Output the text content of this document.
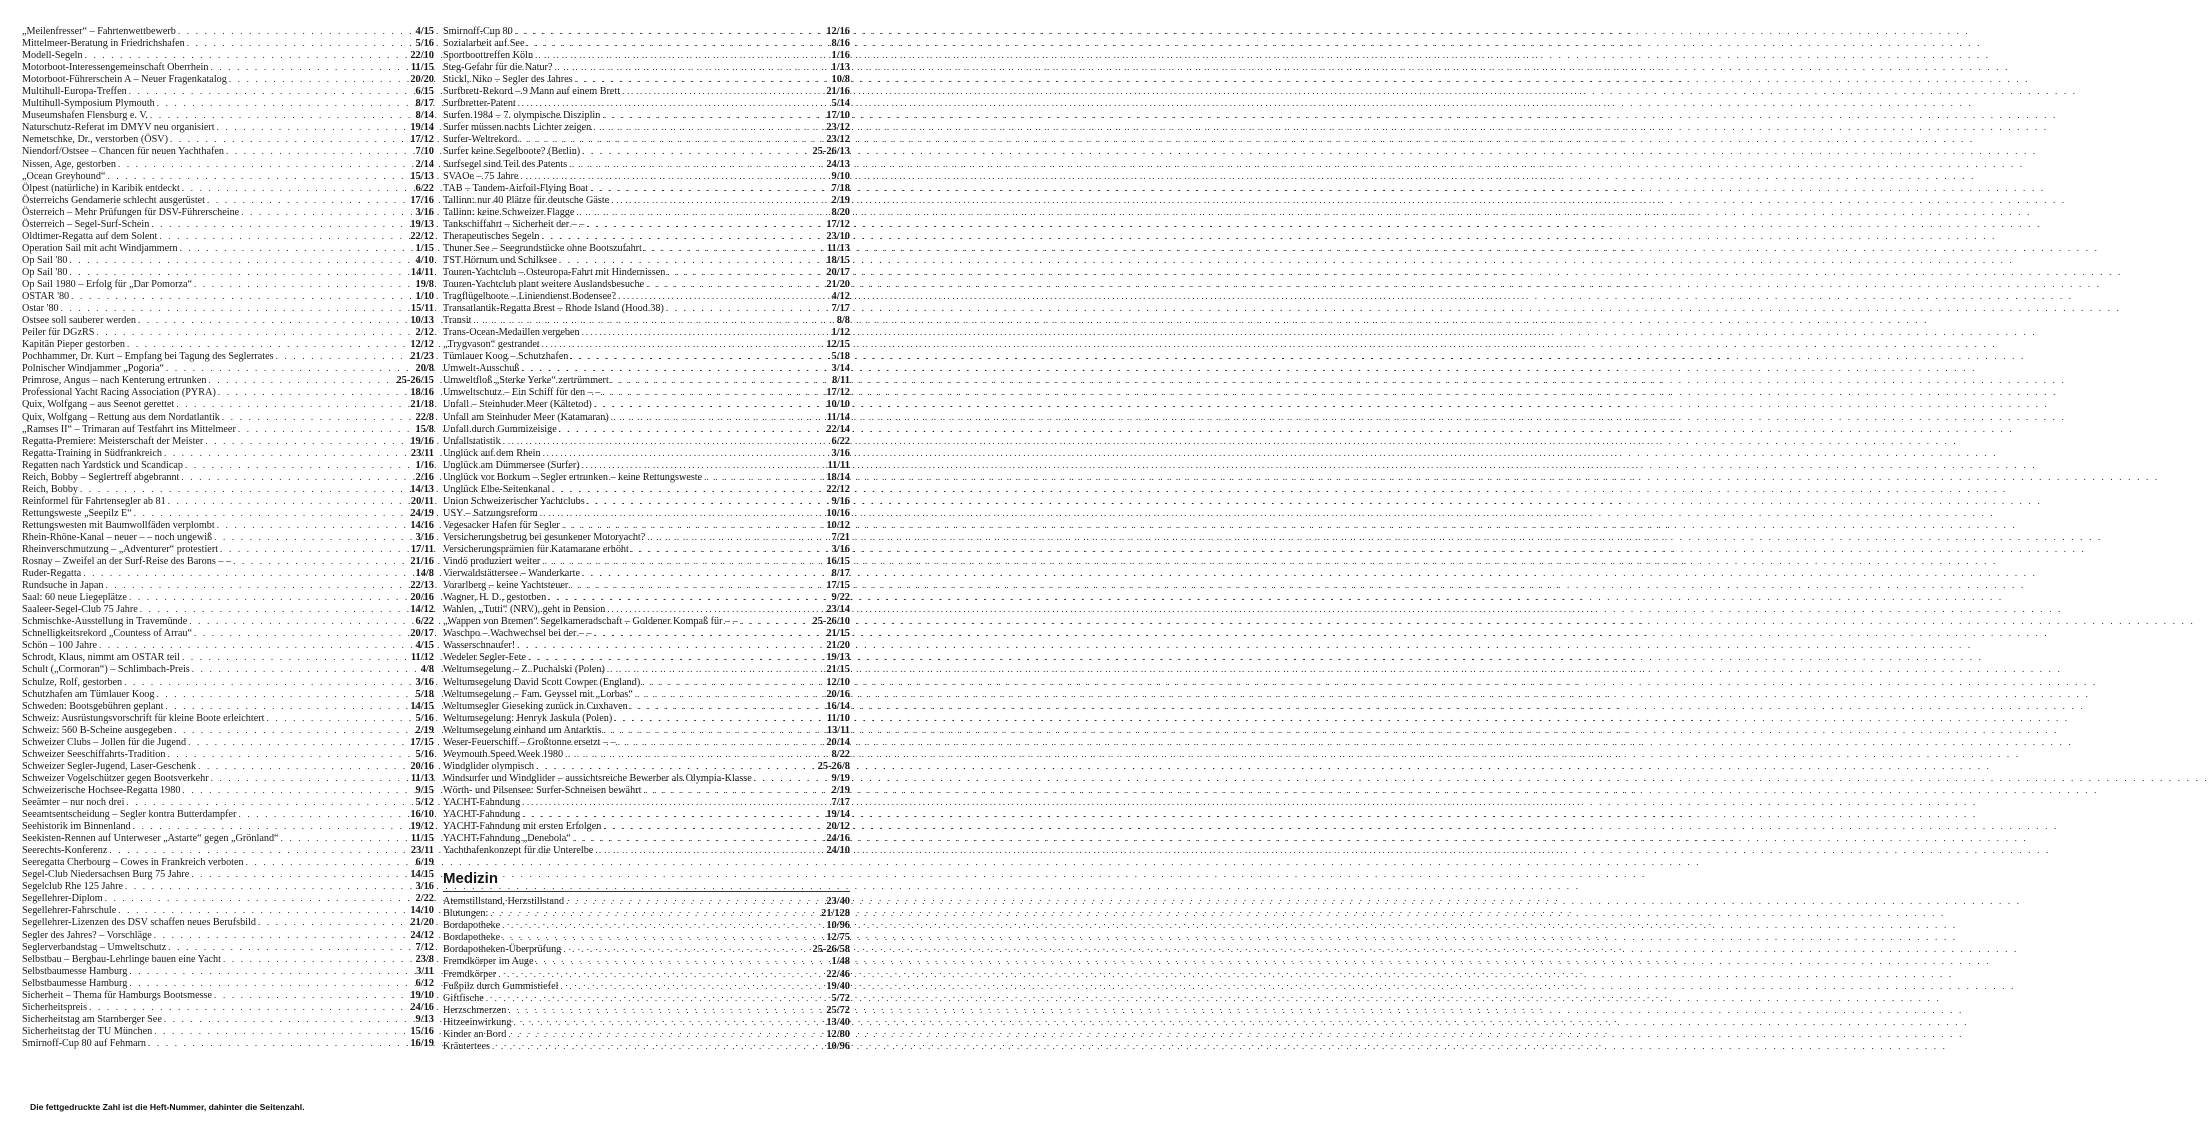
„Meilenfresser“ – Fahrtenwettbewerb . . .	4/15
Mittelmeer-Beratung in Friedrichshafen . . .	5/16
Modell-Segeln . . .	22/10
Motorboot-Interessengemeinschaft Oberrhein . . .	11/15
Motorboot-Führerschein A – Neuer Fragenkatalog . . .	20/20
Multihull-Europa-Treffen . . .	6/15
Multihull-Symposium Plymouth . . .	8/17
Museumshafen Flensburg e. V. . . .	8/14
Naturschutz-Referat im DMYV neu organisiert . . .	19/14
Nemetschke, Dr., verstorben (ÖSV) . . .	17/12
Niendorf/Ostsee – Chancen für neuen Yachthafen . . .	7/10
Nissen, Age, gestorben . . .	2/14
„Ocean Greyhound“ . . .	15/13
Ölpest (natürliche) in Karibik entdeckt . . .	6/22
Österreichs Gendamerie schlecht ausgerüstet . . .	17/16
Österreich – Mehr Prüfungen für DSV-Führerscheine . . .	3/16
Österreich – Segel-Surf-Schein . . .	19/13
Oldtimer-Regatta auf dem Solent . . .	22/12
Operation Sail mit acht Windjammern . . .	1/15
Op Sail '80 . . .	4/10
Op Sail '80 . . .	14/11
Op Sail 1980 – Erfolg für „Dar Pomorza“ . . .	19/8
OSTAR '80 . . .	1/10
Ostar '80 . . .	15/11
Ostsee soll sauberer werden . . .	10/13
Peiler für DGzRS . . .	2/12
Kapitän Pieper gestorben . . .	12/12
Pochhammer, Dr. Kurt – Empfang bei Tagung des Seglerrates . . .	21/23
Polnischer Windjammer „Pogoria“ . . .	20/8
Primrose, Angus – nach Kenterung ertrunken . . .	25-26/15
Professional Yacht Racing Association (PYRA) . . .	18/16
Quix, Wolfgang – aus Seenot gerettet . . .	21/18
Quix, Wolfgang – Rettung aus dem Nordatlantik . . .	22/8
„Ramses II“ – Trimaran auf Testfahrt ins Mittelmeer . . .	15/8
Regatta-Premiere: Meisterschaft der Meister . . .	19/16
Regatta-Training in Südfrankreich . . .	23/11
Regatten nach Yardstick und Scandicap . . .	1/16
Reich, Bobby – Seglertreff abgebrannt . . .	2/16
Reich, Bobby . . .	14/13
Reinformel für Fahrtensegler ab 81 . . .	20/11
Rettungsweste „Seepilz E“ . . .	24/19
Rettungswesten mit Baumwollfäden verplombt . . .	14/16
Rhein-Rhöne-Kanal – neuer – – noch ungewiß . . .	3/16
Rheinverschmutzung – „Adventurer“ protestiert . . .	17/11
Rosnay – Zweifel an der Surf-Reise des Barons – – . . .	21/16
Ruder-Regatta . . .	14/8
Rundsuche in Japan . . .	22/13
Saal: 60 neue Liegeplätze . . .	20/16
Saaleer-Segel-Club 75 Jahre . . .	14/12
Schmischke-Ausstellung in Travemünde . . .	6/22
Schnelligkeitsrekord „Countess of Arrau“ . . .	20/17
Schön – 100 Jahre . . .	4/15
Schrodt, Klaus, nimmt am OSTAR teil . . .	11/12
Schult („Cormoran“) – Schlimbach-Preis . . .	4/8
Schulze, Rolf, gestorben . . .	3/16
Schutzhafen am Tümlauer Koog . . .	5/18
Schweden: Bootsgebühren geplant . . .	14/15
Schweiz: Ausrüstungsvorschrift für kleine Boote erleichtert . . .	5/16
Schweiz: 560 B-Scheine ausgegeben . . .	2/19
Schweizer Clubs – Jollen für die Jugend . . .	17/15
Schweizer Seeschiffahrts-Tradition . . .	5/16
Schweizer Segler-Jugend, Laser-Geschenk . . .	20/16
Schweizer Vogelschützer gegen Bootsverkehr . . .	11/13
Schweizerische Hochsee-Regatta 1980 . . .	9/15
Seeämter – nur noch drei . . .	5/12
Seeamtsentscheidung – Segler kontra Butterdampfer . . .	16/10
Seehistorik im Binnenland . . .	19/12
Seekisten-Rennen auf Unterweser „Astarte“ gegen „Grönland“ . . .	11/15
Seerechts-Konferenz . . .	23/11
Seeregatta Cherbourg – Cowes in Frankreich verboten . . .	6/19
Segel-Club Niedersachsen Burg 75 Jahre . . .	14/15
Segelclub Rhe 125 Jahre . . .	3/16
Segellehrer-Diplom . . .	2/22
Segellehrer-Fahrschule . . .	14/10
Segellehrer-Lizenzen des DSV schaffen neues Berufsbild . . .	21/20
Segler des Jahres? – Vorschläge . . .	24/12
Seglerverbandstag – Umweltschutz . . .	7/12
Selbstbau – Bergbau-Lehrlinge bauen eine Yacht . . .	23/8
Selbstbaumesse Hamburg . . .	3/11
Selbstbaumesse Hamburg . . .	6/12
Sicherheit – Thema für Hamburgs Bootsmesse . . .	19/10
Sicherheitspreis . . .	24/16
Sicherheitstag am Starnberger See . . .	9/13
Sicherheitstag der TU München . . .	15/16
Smirnoff-Cup 80 auf Fehmarn . . .	16/19
Smirnoff-Cup 80 . . .	12/16
Sozialarbeit auf See . . .	8/16
Sportboottreffen Köln . . .	1/16
Steg-Gefahr für die Natur? . . .	1/13
Stickl, Niko – Segler des Jahres . . .	10/8
Surfbrett-Rekord – 9 Mann auf einem Brett . . .	21/16
Surfbretter-Patent . . .	5/14
Surfen 1984 – 7. olympische Disziplin . . .	17/10
Surfer müssen nachts Lichter zeigen . . .	23/12
Surfer-Weltrekord . . .	23/12
Surfer keine Segelboote? (Berlin) . . .	25-26/13
Surfsegel sind Teil des Patents . . .	24/13
SVAOe – 75 Jahre . . .	9/10
TAB – Tandem-Airfoil-Flying Boat . . .	7/18
Tallinn: nur 40 Plätze für deutsche Gäste . . .	2/19
Tallinn: keine Schweizer Flagge . . .	8/20
Tankschiffahrt – Sicherheit der – – . . .	17/12
Therapeutisches Segeln . . .	23/10
Thuner See – Seegrundstücke ohne Bootszufahrt . . .	11/13
TST Hörnum und Schilksee . . .	18/15
Touren-Yachtclub – Osteuropa-Fahrt mit Hindernissen . . .	20/17
Touren-Yachtclub plant weitere Auslandsbesuche . . .	21/20
Tragflügelboote – Liniendienst Bodensee? . . .	4/12
Transatlantik-Regatta Brest – Rhode Island (Hood 38) . . .	7/17
Transit . . .	8/8
Trans-Ocean-Medaillen vergeben . . .	1/12
„Trygvason“ gestrandet . . .	12/15
Tümlauer Koog – Schutzhafen . . .	5/18
Umwelt-Ausschuß . . .	3/14
Umweltfloß „Sterke Yerke“ zertrümmert . . .	8/11
Umweltschutz – Ein Schiff für den – – . . .	17/12
Unfall – Steinhuder Meer (Kältetod) . . .	10/10
Unfall am Steinhuder Meer (Katamaran) . . .	11/14
Unfall durch Gummizeisige . . .	22/14
Unfallstatistik . . .	6/22
Unglück auf dem Rhein . . .	3/16
Unglück am Dümmersee (Surfer) . . .	11/11
Unglück vor Borkum – Segler ertrunken – keine Rettungsweste . . .	18/14
Unglück Elbe-Seitenkanal . . .	22/12
Union Schweizerischer Yachtclubs . . .	9/16
USY – Satzungsreform . . .	10/16
Vegesacker Hafen für Segler . . .	10/12
Versicherungsbetrug bei gesunkener Motoryacht? . . .	7/21
Versicherungsprämien für Katamarane erhöht . . .	3/16
Vindö produziert weiter . . .	16/15
Vierwaldstättersee – Wanderkarte . . .	8/17
Vorarlberg – keine Yachtsteuer . . .	17/15
Wagner, H. D., gestorben . . .	9/22
Wahlen, „Tutti“ (NRV), geht in Pension . . .	23/14
„Wappen von Bremen“ Segelkameradschaft – Goldener Kompaß für – – . . .	25-26/10
Waschpo – Wachwechsel bei der – – . . .	21/15
Wasserschnaufer! . . .	21/20
Wedeler Segler-Fete . . .	19/13
Weltumsegelung – Z. Puchalski (Polen) . . .	21/15
Weltumsegelung David Scott Cowper (England) . . .	12/10
Weltumsegelung – Fam. Geyssel mit „Lorbas“ . . .	20/16
Weltumsegler Gieseking zurück in Cuxhaven . . .	16/14
Weltumsegelung: Henryk Jaskula (Polen) . . .	11/10
Weltumsegelung einhand um Antarktis . . .	13/11
Weser-Feuerschiff – Großtonne ersetzt – – . . .	20/14
Weymouth Speed Week 1980 . . .	8/22
Windglider olympisch . . .	25-26/8
Windsurfer und Windglider – aussichtsreiche Bewerber als Olympia-Klasse . . .	9/19
Wörth- und Pilsensee: Surfer-Schneisen bewährt . . .	2/19
YACHT-Fahndung . . .	7/17
YACHT-Fahndung . . .	19/14
YACHT-Fahndung mit ersten Erfolgen . . .	20/12
YACHT-Fahndung „Denebola“ . . .	24/16
Yachthafenkonzept für die Unterelbe . . .	24/10
Medizin
Atemstillstand, Herzstillstand . . .	23/40
Blutungen: . . .	21/128
Bordapotheke . . .	10/96
Bordapotheke . . .	12/75
Bordapotheken-Überprüfung . . .	25-26/58
Fremdkörper im Auge . . .	1/48
Fremdkörper . . .	22/46
Fußpilz durch Gummistiefel . . .	19/40
Giftfische . . .	5/72
Herzschmerzen . . .	25/72
Hitzeeinwirkung . . .	13/40
Kinder an Bord . . .	12/80
Kräutertees . . .	10/96
Die fettgedruckte Zahl ist die Heft-Nummer, dahinter die Seitenzahl.
